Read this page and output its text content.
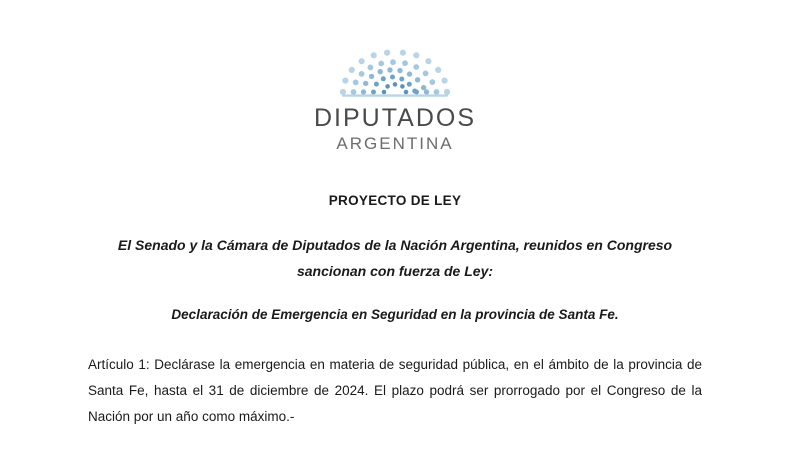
DIPUTADOS
ARGENTINA
PROYECTO DE LEY
El Senado y la Cámara de Diputados de la Nación Argentina, reunidos en Congreso sancionan con fuerza de Ley:
Declaración de Emergencia en Seguridad en la provincia de Santa Fe.
Artículo 1: Declárase la emergencia en materia de seguridad pública, en el ámbito de la provincia de Santa Fe, hasta el 31 de diciembre de 2024. El plazo podrá ser prorrogado por el Congreso de la Nación por un año como máximo.-
